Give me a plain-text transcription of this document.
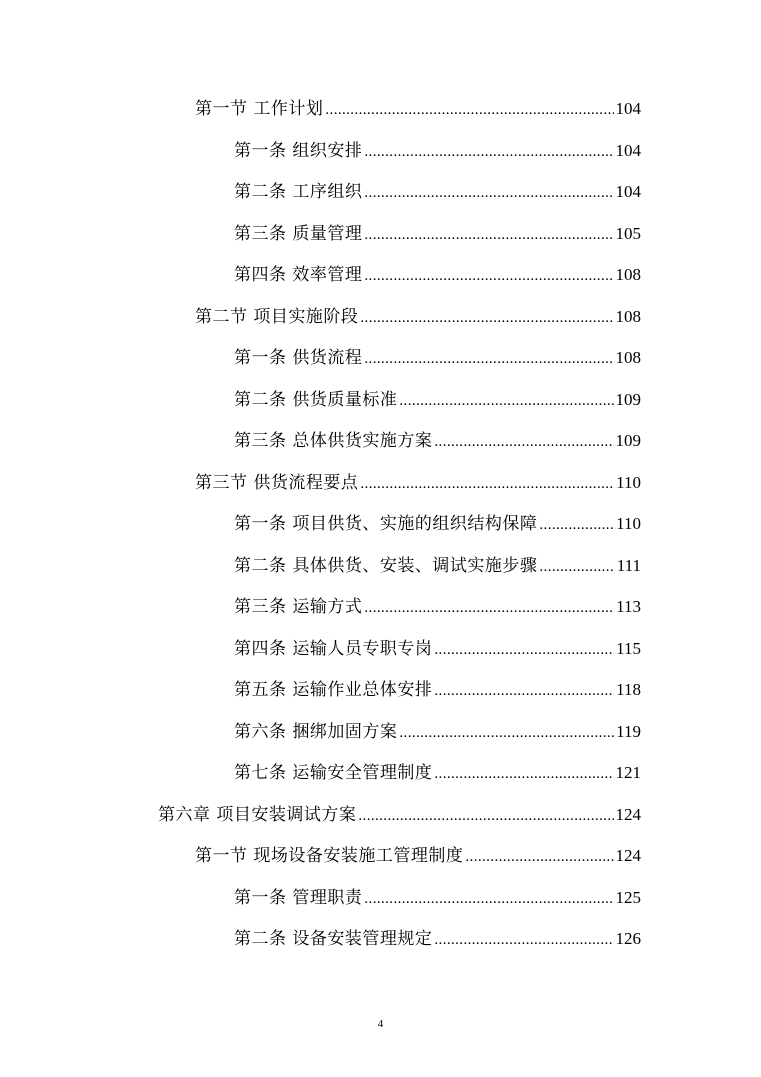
第一节 工作计划 .....	104
第一条 组织安排 .....	104
第二条 工序组织 .....	104
第三条 质量管理 .....	105
第四条 效率管理 .....	108
第二节 项目实施阶段 .....	108
第一条 供货流程 .....	108
第二条 供货质量标准 .....	109
第三条 总体供货实施方案 .....	109
第三节 供货流程要点 .....	110
第一条 项目供货、实施的组织结构保障 .....	110
第二条 具体供货、安装、调试实施步骤 .....	111
第三条 运输方式 .....	113
第四条 运输人员专职专岗 .....	115
第五条 运输作业总体安排 .....	118
第六条 捆绑加固方案 .....	119
第七条 运输安全管理制度 .....	121
第六章 项目安装调试方案 .....	124
第一节 现场设备安装施工管理制度 .....	124
第一条 管理职责 .....	125
第二条 设备安装管理规定 .....	126
4
